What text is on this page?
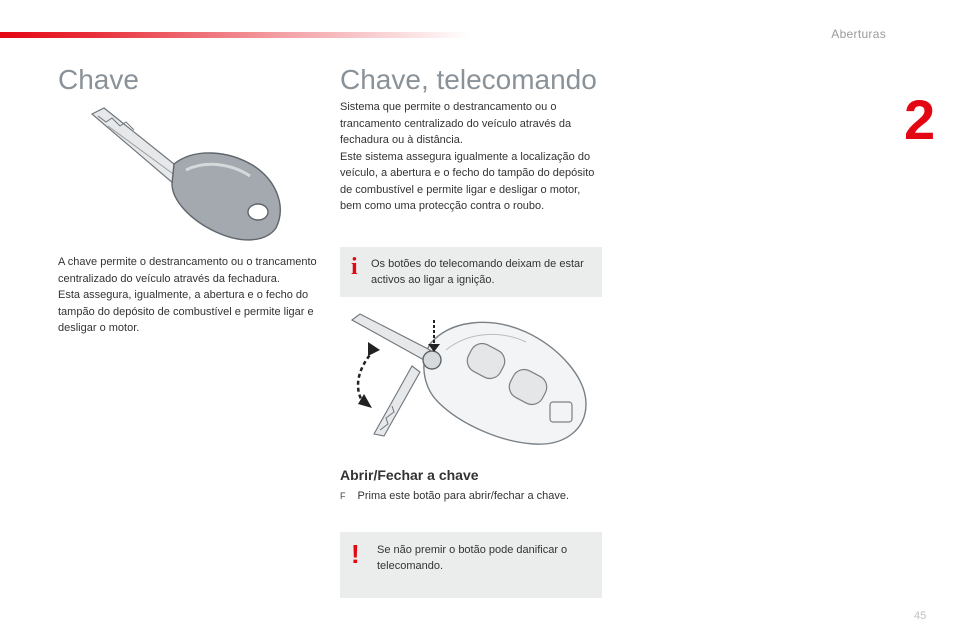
Aberturas
2
Chave

A chave permite o destrancamento ou o trancamento centralizado do veículo através da fechadura.
Esta assegura, igualmente, a abertura e o fecho do tampão do depósito de combustível e permite ligar e desligar o motor.

Chave, telecomando

Sistema que permite o destrancamento ou o trancamento centralizado do veículo através da fechadura ou à distância.
Este sistema assegura igualmente a localização do veículo, a abertura e o fecho do tampão do depósito de combustível e permite ligar e desligar o motor, bem como uma protecção contra o roubo.

i Os botões do telecomando deixam de estar activos ao ligar a ignição.
Abrir/Fechar a chave
F Prima este botão para abrir/fechar a chave.
! Se não premir o botão pode danificar o telecomando.
45
